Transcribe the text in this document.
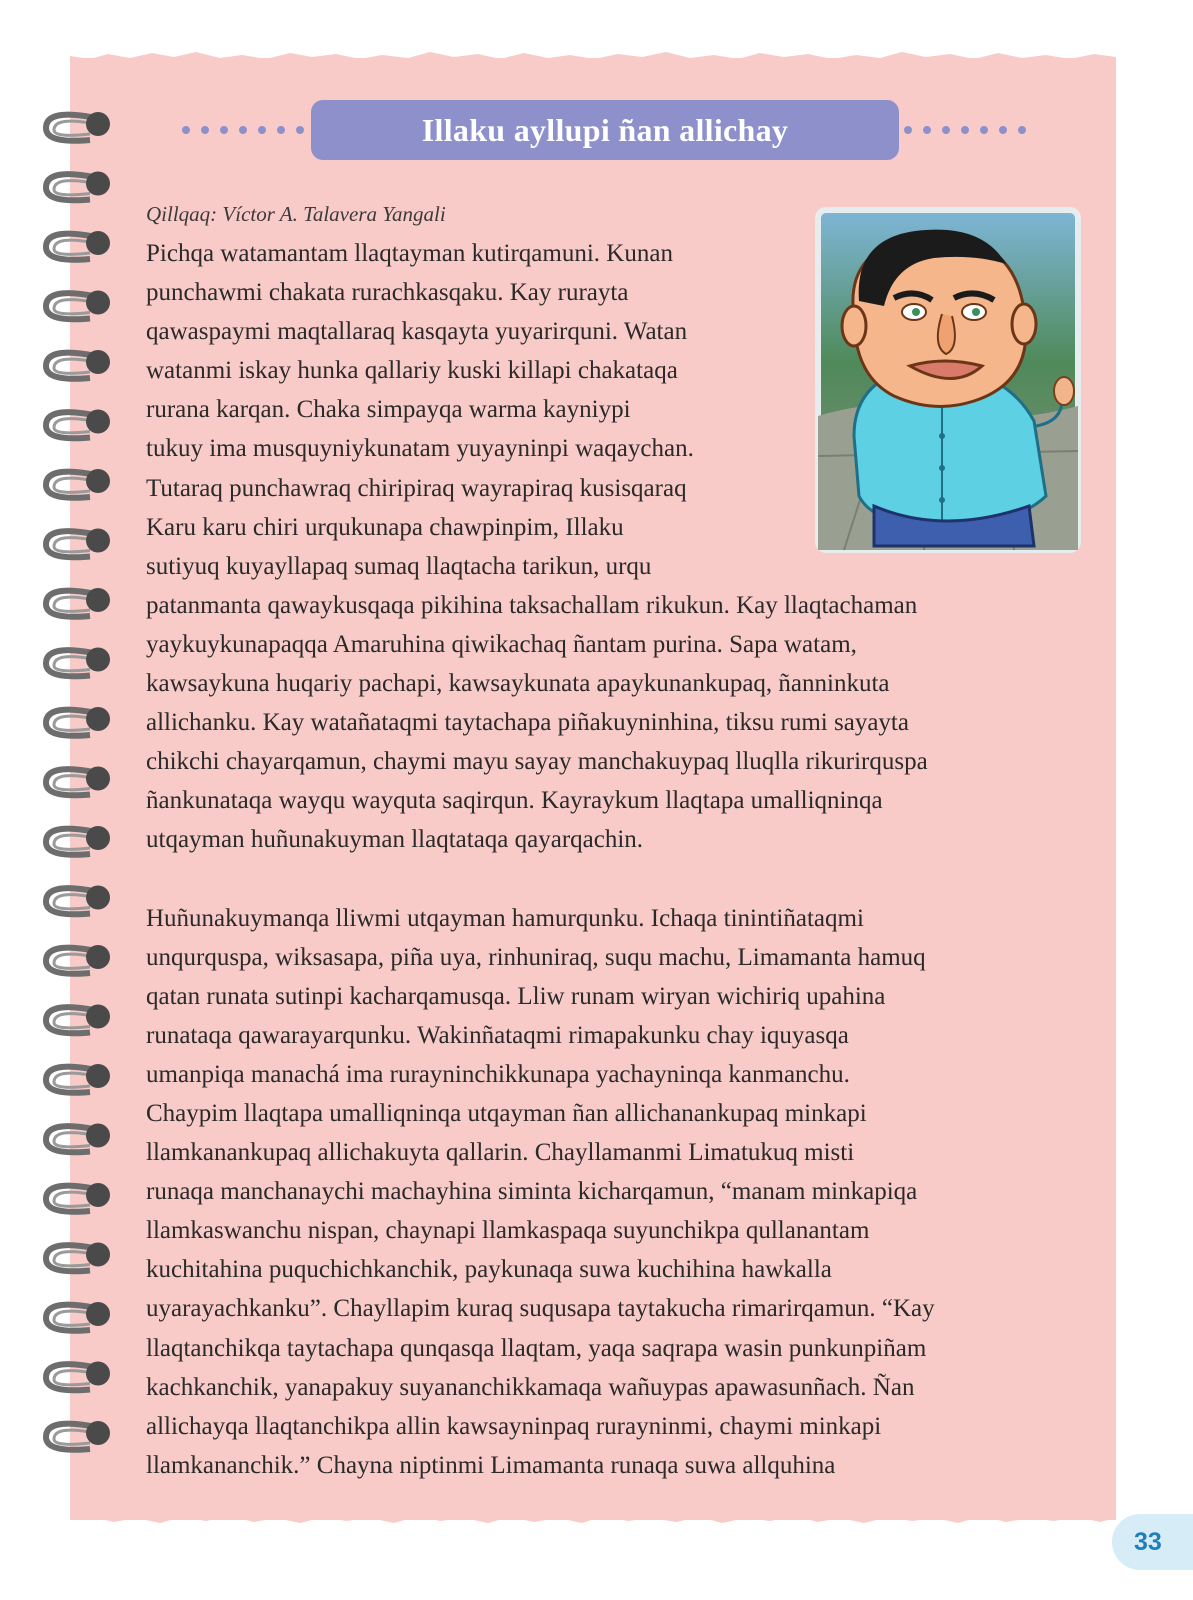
Illaku ayllupi ñan allichay
Qillqaq: Víctor A. Talavera Yangali
Pichqa watamantam llaqtayman kutirqamuni. Kunan
punchawmi chakata rurachkasqaku. Kay rurayta
qawaspaymi maqtallaraq kasqayta yuyarirquni. Watan
watanmi iskay hunka qallariy kuski killapi chakataqa
rurana karqan. Chaka simpayqa warma kayniypi
tukuy ima musquyniykunatam yuyayninpi waqaychan.
Tutaraq punchawraq chiripiraq wayrapiraq kusisqaraq
Karu karu chiri urqukunapa chawpinpim, Illaku
sutiyuq kuyayllapaq sumaq llaqtacha tarikun, urqu
patanmanta qawaykusqaqa pikihina taksachallam rikukun. Kay llaqtachaman
yaykuykunapaqqa Amaruhina qiwikachaq ñantam purina. Sapa watam,
kawsaykuna huqariy pachapi, kawsaykunata apaykunankupaq, ñanninkuta
allichanku. Kay watañataqmi taytachapa piñakuyninhina, tiksu rumi sayayta
chikchi chayarqamun, chaymi mayu sayay manchakuypaq lluqlla rikurirquspa
ñankunataqa wayqu wayquta saqirqun. Kayraykum llaqtapa umalliqninqa
utqayman huñunakuyman llaqtataqa qayarqachin.
Huñunakuymanqa lliwmi utqayman hamurqunku. Ichaqa tinintiñataqmi
unqurquspa, wiksasapa, piña uya, rinhuniraq, suqu machu, Limamanta hamuq
qatan runata sutinpi kacharqamusqa. Lliw runam wiryan wichiriq upahina
runataqa qawarayarqunku. Wakinñataqmi rimapakunku chay iquyasqa
umanpiqa manachá ima rurayninchikkunapa yachayninqa kanmanchu.
Chaypim llaqtapa umalliqninqa utqayman ñan allichanankupaq minkapi
llamkanankupaq allichakuyta qallarin. Chayllamanmi Limatukuq misti
runaqa manchanaychi machayhina siminta kicharqamun, “manam minkapiqa
llamkaswanchu nispan, chaynapi llamkaspaqa suyunchikpa qullanantam
kuchitahina puquchichkanchik, paykunaqa suwa kuchihina hawkalla
uyarayachkanku”. Chayllapim kuraq suqusapa taytakucha rimarirqamun. “Kay
llaqtanchikqa taytachapa qunqasqa llaqtam, yaqa saqrapa wasin punkunpiñam
kachkanchik, yanapakuy suyananchikkamaqa wañuypas apawasunñach. Ñan
allichayqa llaqtanchikpa allin kawsayninpaq rurayninmi, chaymi minkapi
llamkananchik.” Chayna niptinmi Limamanta runaqa suwa allquhina
33
